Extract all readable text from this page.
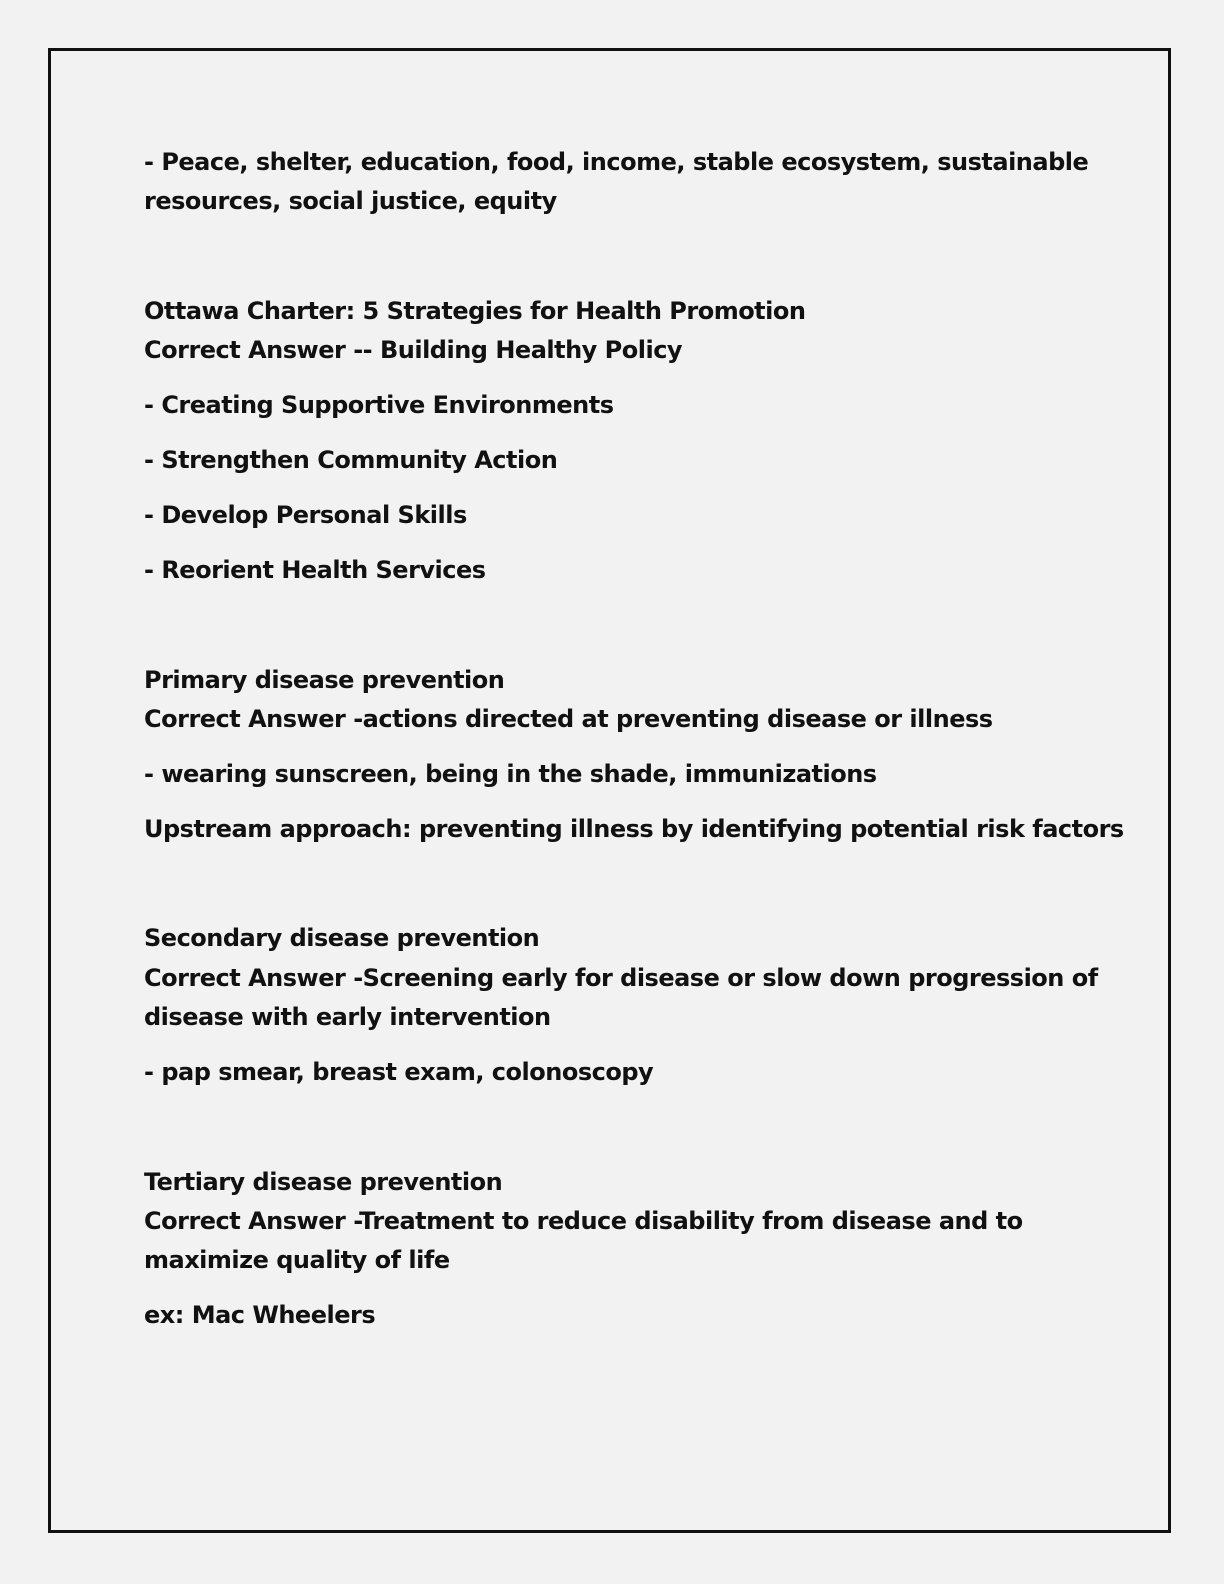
- Peace, shelter, education, food, income, stable ecosystem, sustainable

resources, social justice, equity

Ottawa Charter: 5 Strategies for Health Promotion

Correct Answer -- Building Healthy Policy

- Creating Supportive Environments

- Strengthen Community Action

- Develop Personal Skills

- Reorient Health Services

Primary disease prevention

Correct Answer -actions directed at preventing disease or illness

- wearing sunscreen, being in the shade, immunizations

Upstream approach: preventing illness by identifying potential risk factors

Secondary disease prevention

Correct Answer -Screening early for disease or slow down progression of

disease with early intervention

- pap smear, breast exam, colonoscopy

Tertiary disease prevention

Correct Answer -Treatment to reduce disability from disease and to

maximize quality of life

ex: Mac Wheelers
